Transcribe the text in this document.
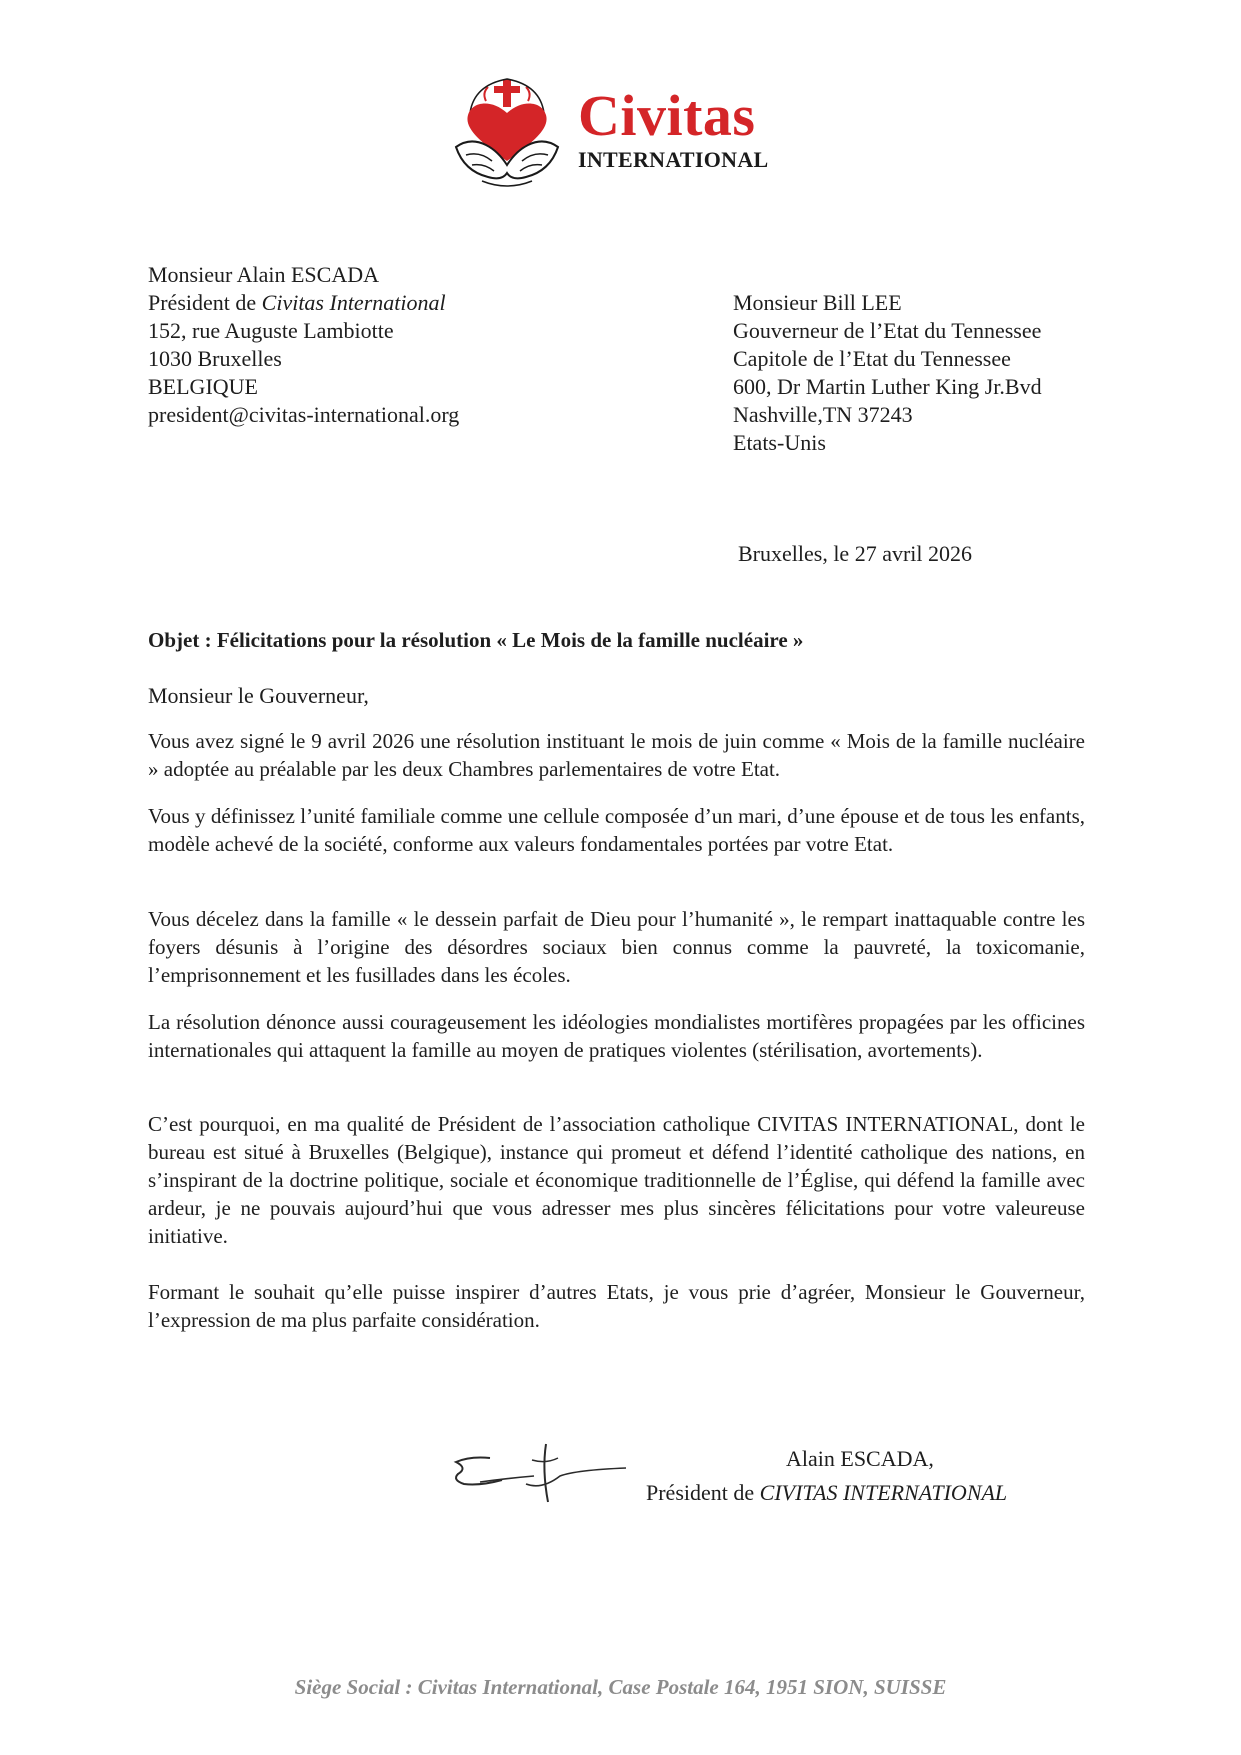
Civitas
INTERNATIONAL
Monsieur Alain ESCADA
Président de Civitas International
152, rue Auguste Lambiotte
1030 Bruxelles
BELGIQUE
president@civitas-international.org
Monsieur Bill LEE
Gouverneur de l’Etat du Tennessee
Capitole de l’Etat du Tennessee
600, Dr Martin Luther King Jr.Bvd
Nashville,TN 37243
Etats-Unis
Bruxelles, le 27 avril 2026
Objet : Félicitations pour la résolution « Le Mois de la famille nucléaire »
Monsieur le Gouverneur,
Vous avez signé le 9 avril 2026 une résolution instituant le mois de juin comme « Mois de la famille nucléaire » adoptée au préalable par les deux Chambres parlementaires de votre Etat.
Vous y définissez l’unité familiale comme une cellule composée d’un mari, d’une épouse et de tous les enfants, modèle achevé de la société, conforme aux valeurs fondamentales portées par votre Etat.
Vous décelez dans la famille « le dessein parfait de Dieu pour l’humanité », le rempart inattaquable contre les foyers désunis à l’origine des désordres sociaux bien connus comme la pauvreté, la toxicomanie, l’emprisonnement et les fusillades dans les écoles.
La résolution dénonce aussi courageusement les idéologies mondialistes mortifères propagées par les officines internationales qui attaquent la famille au moyen de pratiques violentes (stérilisation, avortements).
C’est pourquoi, en ma qualité de Président de l’association catholique CIVITAS INTERNATIONAL, dont le bureau est situé à Bruxelles (Belgique), instance qui promeut et défend l’identité catholique des nations, en s’inspirant de la doctrine politique, sociale et économique traditionnelle de l’Église, qui défend la famille avec ardeur, je ne pouvais aujourd’hui que vous adresser mes plus sincères félicitations pour votre valeureuse initiative.
Formant le souhait qu’elle puisse inspirer d’autres Etats, je vous prie d’agréer, Monsieur le Gouverneur, l’expression de ma plus parfaite considération.
Alain ESCADA,
Président de CIVITAS INTERNATIONAL
Siège Social : Civitas International, Case Postale 164, 1951 SION, SUISSE
